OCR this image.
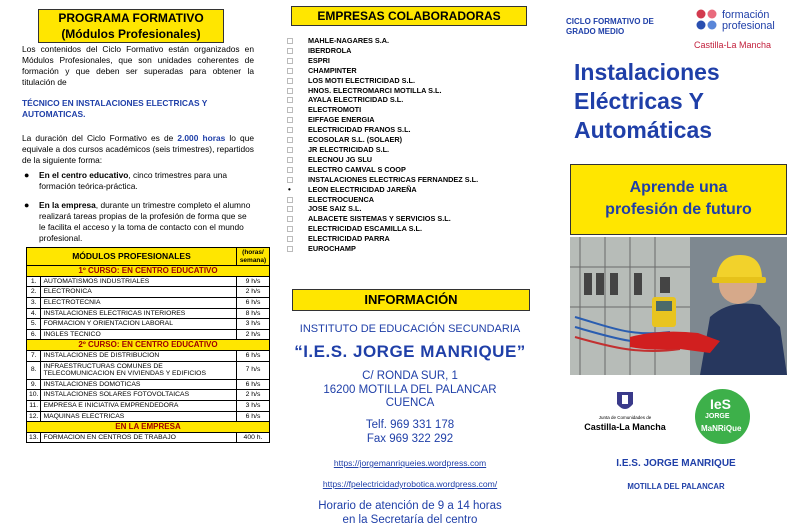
PROGRAMA FORMATIVO
(Módulos Profesionales)

Los contenidos del Ciclo Formativo están organizados en Módulos Profesionales, que son unidades coherentes de formación y que deben ser superadas para obtener la titulación de

TÉCNICO EN INSTALACIONES ELECTRICAS Y AUTOMATICAS.

La duración del Ciclo Formativo es de 2.000 horas lo que equivale a dos cursos académicos (seis trimestres), repartidos de la siguiente forma:

● En el centro educativo, cinco trimestres para una formación teórica-práctica.
● En la empresa, durante un trimestre completo el alumno realizará tareas propias de la profesión de forma que se le facilita el acceso y la toma de contacto con el mundo profesional.
MÓDULOS PROFESIONALES		(horas/ semana)
1º CURSO: EN CENTRO EDUCATIVO		
1.	AUTOMATISMOS INDUSTRIALES	9 h/s
2.	ELECTRONICA	2 h/s
3.	ELECTROTECNIA	6 h/s
4.	INSTALACIONES ELECTRICAS INTERIORES	8 h/s
5.	FORMACION Y ORIENTACION LABORAL	3 h/s
6.	INGLES TECNICO	2 h/s
2º CURSO: EN CENTRO EDUCATIVO		
7.	INSTALACIONES DE DISTRIBUCION	6 h/s
8.	INFRAESTRUCTURAS COMUNES DE TELECOMUNICACION EN VIVIENDAS Y EDIFICIOS	7 h/s
9.	INSTALACIONES DOMOTICAS	6 h/s
10.	INSTALACIONES SOLARES FOTOVOLTAICAS	2 h/s
11.	EMPRESA E INICIATIVA EMPRENDEDORA	3 h/s
12.	MAQUINAS ELECTRICAS	6 h/s
EN LA EMPRESA		
13.	FORMACION EN CENTROS DE TRABAJO	400 h.
EMPRESAS COLABORADORAS
MAHLE-NAGARES S.A.
IBERDROLA
ESPRI
CHAMPINTER
LOS MOTI ELECTRICIDAD S.L.
HNOS. ELECTROMARCI MOTILLA S.L.
AYALA ELECTRICIDAD S.L.
ELECTROMOTI
EIFFAGE ENERGIA
ELECTRICIDAD FRANOS S.L.
ECOSOLAR S.L. (SOLAER)
JR ELECTRICIDAD S.L.
ELECNOU JG SLU
ELECTRO CAMVAL S COOP
INSTALACIONES ELECTRICAS FERNANDEZ S.L.
• LEON ELECTRICIDAD JAREÑA
ELECTROCUENCA
JOSE SAIZ S.L.
ALBACETE SISTEMAS Y SERVICIOS S.L.
ELECTRICIDAD ESCAMILLA S.L.
ELECTRICIDAD PARRA
EUROCHAMP
INFORMACIÓN
INSTITUTO DE EDUCACIÓN SECUNDARIA
“I.E.S. JORGE MANRIQUE”
C/ RONDA SUR, 1
16200 MOTILLA DEL PALANCAR
CUENCA
Telf. 969 331 178
Fax 969 322 292
https://jorgemanriqueies.wordpress.com
https://fpelectricidadyrobotica.wordpress.com/
Horario de atención de 9 a 14 horas
en la Secretaría del centro
CICLO FORMATIVO DE GRADO MEDIO
formación
profesional
Castilla-La Mancha
Instalaciones
Eléctricas Y
Automáticas
Aprende una
profesión de futuro
Junta de Comunidades de
Castilla-La Mancha
IeS
JORGE
MaNRiQue
I.E.S. JORGE MANRIQUE
MOTILLA DEL PALANCAR
